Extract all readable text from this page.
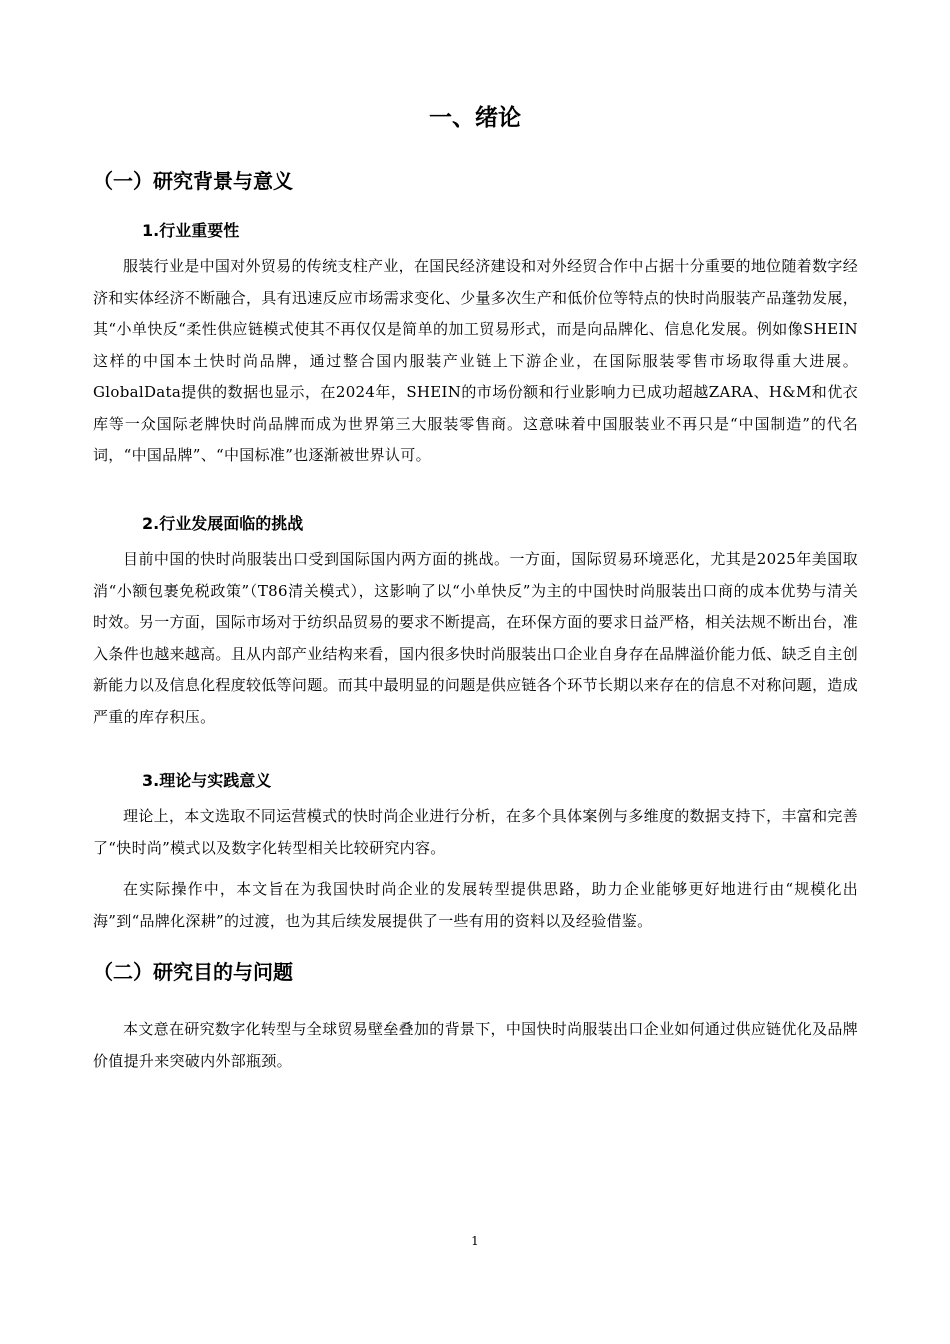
一、绪论
（一）研究背景与意义
1.行业重要性

服装行业是中国对外贸易的传统支柱产业，在国民经济建设和对外经贸合作中占据十分重要的地位随着数字经济和实体经济不断融合，具有迅速反应市场需求变化、少量多次生产和低价位等特点的快时尚服装产品蓬勃发展，其“小单快反“柔性供应链模式使其不再仅仅是简单的加工贸易形式，而是向品牌化、信息化发展。例如像SHEIN这样的中国本土快时尚品牌，通过整合国内服装产业链上下游企业，在国际服装零售市场取得重大进展。GlobalData提供的数据也显示，在2024年，SHEIN的市场份额和行业影响力已成功超越ZARA、H&M和优衣库等一众国际老牌快时尚品牌而成为世界第三大服装零售商。这意味着中国服装业不再只是“中国制造”的代名词，“中国品牌”、“中国标准”也逐渐被世界认可。

2.行业发展面临的挑战

目前中国的快时尚服装出口受到国际国内两方面的挑战。一方面，国际贸易环境恶化，尤其是2025年美国取消“小额包裹免税政策”（T86清关模式），这影响了以“小单快反”为主的中国快时尚服装出口商的成本优势与清关时效。另一方面，国际市场对于纺织品贸易的要求不断提高，在环保方面的要求日益严格，相关法规不断出台，准入条件也越来越高。且从内部产业结构来看，国内很多快时尚服装出口企业自身存在品牌溢价能力低、缺乏自主创新能力以及信息化程度较低等问题。而其中最明显的问题是供应链各个环节长期以来存在的信息不对称问题，造成严重的库存积压。

3.理论与实践意义

理论上，本文选取不同运营模式的快时尚企业进行分析，在多个具体案例与多维度的数据支持下，丰富和完善了“快时尚”模式以及数字化转型相关比较研究内容。

在实际操作中，本文旨在为我国快时尚企业的发展转型提供思路，助力企业能够更好地进行由“规模化出海”到“品牌化深耕”的过渡，也为其后续发展提供了一些有用的资料以及经验借鉴。

（二）研究目的与问题

本文意在研究数字化转型与全球贸易壁垒叠加的背景下，中国快时尚服装出口企业如何通过供应链优化及品牌价值提升来突破内外部瓶颈。

1
